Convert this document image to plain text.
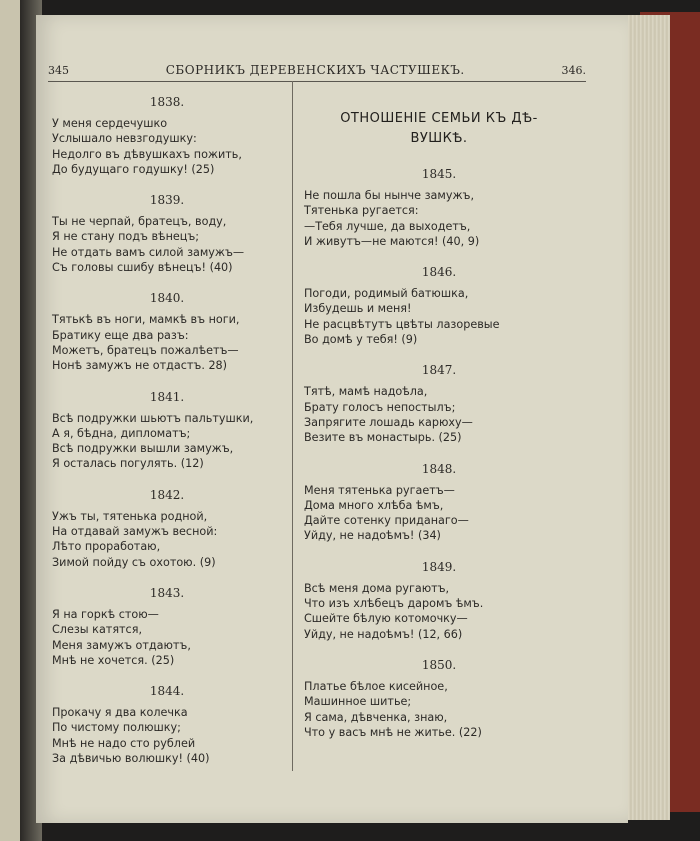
345	СБОРНИКЪ ДЕРЕВЕНСКИХЪ ЧАСТУШЕКЪ.	346.
1838.
У меня сердечушко
Услышало невзгодушку:
Недолго въ дѣвушкахъ пожить,
До будущаго годушку! (25)
1839.
Ты не черпай, братецъ, воду,
Я не стану подъ вѣнецъ;
Не отдать вамъ силой замужъ—
Съ головы сшибу вѣнецъ! (40)
1840.
Тятькѣ въ ноги, мамкѣ въ ноги,
Братику еще два разъ:
Можетъ, братецъ пожалѣетъ—
Нонѣ замужъ не отдастъ. 28)
1841.
Всѣ подружки шьютъ пальтушки,
А я, бѣдна, дипломатъ;
Всѣ подружки вышли замужъ,
Я осталась погулять. (12)
1842.
Ужъ ты, тятенька родной,
На отдавай замужъ весной:
Лѣто проработаю,
Зимой пойду съ охотою. (9)
1843.
Я на горкѣ стою—
Слезы катятся,
Меня замужъ отдаютъ,
Мнѣ не хочется. (25)
1844.
Прокачу я два колечка
По чистому полюшку;
Мнѣ не надо сто рублей
За дѣвичью волюшку! (40)
ОТНОШЕНІЕ СЕМЬИ КЪ ДѢ-
ВУШКѢ.
1845.
Не пошла бы нынче замужъ,
Тятенька ругается:
—Тебя лучше, да выходетъ,
И живутъ—не маются! (40, 9)
1846.
Погоди, родимый батюшка,
Избудешь и меня!
Не расцвѣтутъ цвѣты лазоревые
Во домѣ у тебя! (9)
1847.
Тятѣ, мамѣ надоѣла,
Брату голосъ непостылъ;
Запрягите лошадь карюху—
Везите въ монастырь. (25)
1848.
Меня тятенька ругаетъ—
Дома много хлѣба ѣмъ,
Дайте сотенку приданаго—
Уйду, не надоѣмъ! (34)
1849.
Всѣ меня дома ругаютъ,
Что изъ хлѣбецъ даромъ ѣмъ.
Сшейте бѣлую котомочку—
Уйду, не надоѣмъ! (12, 66)
1850.
Платье бѣлое кисейное,
Машинное шитье;
Я сама, дѣвченка, знаю,
Что у васъ мнѣ не житье. (22)
